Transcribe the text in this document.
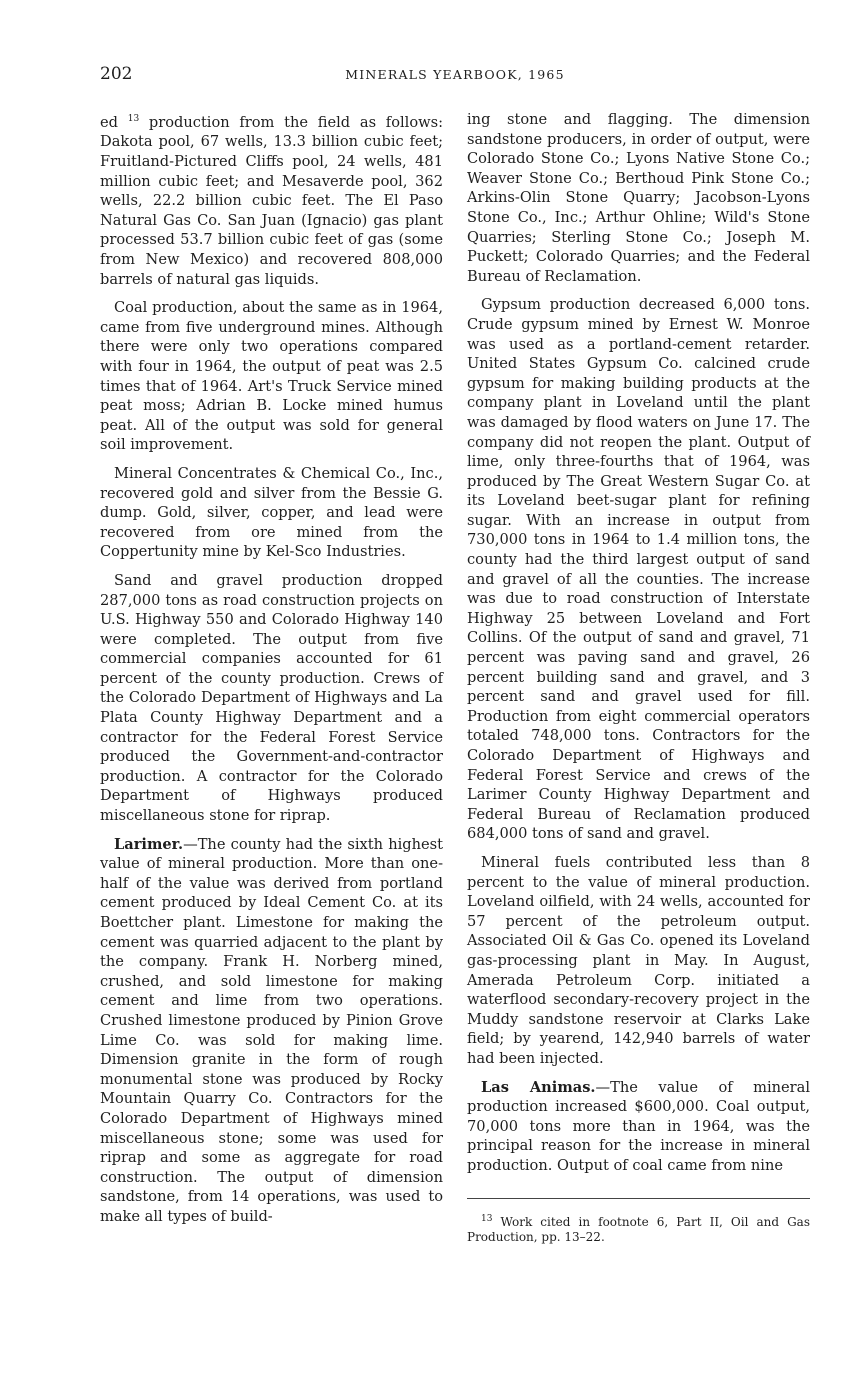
202	MINERALS YEARBOOK, 1965

ed $^{13}$ production from the field as follows: Dakota pool, 67 wells, 13.3 billion cubic feet; Fruitland-Pictured Cliffs pool, 24 wells, 481 million cubic feet; and Mesaverde pool, 362 wells, 22.2 billion cubic feet. The El Paso Natural Gas Co. San Juan (Ignacio) gas plant processed 53.7 billion cubic feet of gas (some from New Mexico) and recovered 808,000 barrels of natural gas liquids.

Coal production, about the same as in 1964, came from five underground mines. Although there were only two operations compared with four in 1964, the output of peat was 2.5 times that of 1964. Art's Truck Service mined peat moss; Adrian B. Locke mined humus peat. All of the output was sold for general soil improvement.

Mineral Concentrates & Chemical Co., Inc., recovered gold and silver from the Bessie G. dump. Gold, silver, copper, and lead were recovered from ore mined from the Coppertunity mine by Kel-Sco Industries.

Sand and gravel production dropped 287,000 tons as road construction projects on U.S. Highway 550 and Colorado Highway 140 were completed. The output from five commercial companies accounted for 61 percent of the county production. Crews of the Colorado Department of Highways and La Plata County Highway Department and a contractor for the Federal Forest Service produced the Government-and-contractor production. A contractor for the Colorado Department of Highways produced miscellaneous stone for riprap.

Larimer.—The county had the sixth highest value of mineral production. More than one-half of the value was derived from portland cement produced by Ideal Cement Co. at its Boettcher plant. Limestone for making the cement was quarried adjacent to the plant by the company. Frank H. Norberg mined, crushed, and sold limestone for making cement and lime from two operations. Crushed limestone produced by Pinion Grove Lime Co. was sold for making lime. Dimension granite in the form of rough monumental stone was produced by Rocky Mountain Quarry Co. Contractors for the Colorado Department of Highways mined miscellaneous stone; some was used for riprap and some as aggregate for road construction. The output of dimension sandstone, from 14 operations, was used to make all types of build-

ing stone and flagging. The dimension sandstone producers, in order of output, were Colorado Stone Co.; Lyons Native Stone Co.; Weaver Stone Co.; Berthoud Pink Stone Co.; Arkins-Olin Stone Quarry; Jacobson-Lyons Stone Co., Inc.; Arthur Ohline; Wild's Stone Quarries; Sterling Stone Co.; Joseph M. Puckett; Colorado Quarries; and the Federal Bureau of Reclamation.

Gypsum production decreased 6,000 tons. Crude gypsum mined by Ernest W. Monroe was used as a portland-cement retarder. United States Gypsum Co. calcined crude gypsum for making building products at the company plant in Loveland until the plant was damaged by flood waters on June 17. The company did not reopen the plant. Output of lime, only three-fourths that of 1964, was produced by The Great Western Sugar Co. at its Loveland beet-sugar plant for refining sugar. With an increase in output from 730,000 tons in 1964 to 1.4 million tons, the county had the third largest output of sand and gravel of all the counties. The increase was due to road construction of Interstate Highway 25 between Loveland and Fort Collins. Of the output of sand and gravel, 71 percent was paving sand and gravel, 26 percent building sand and gravel, and 3 percent sand and gravel used for fill. Production from eight commercial operators totaled 748,000 tons. Contractors for the Colorado Department of Highways and Federal Forest Service and crews of the Larimer County Highway Department and Federal Bureau of Reclamation produced 684,000 tons of sand and gravel.

Mineral fuels contributed less than 8 percent to the value of mineral production. Loveland oilfield, with 24 wells, accounted for 57 percent of the petroleum output. Associated Oil & Gas Co. opened its Loveland gas-processing plant in May. In August, Amerada Petroleum Corp. initiated a waterflood secondary-recovery project in the Muddy sandstone reservoir at Clarks Lake field; by yearend, 142,940 barrels of water had been injected.

Las Animas.—The value of mineral production increased $600,000. Coal output, 70,000 tons more than in 1964, was the principal reason for the increase in mineral production. Output of coal came from nine

$^{13}$ Work cited in footnote 6, Part II, Oil and Gas Production, pp. 13–22.
